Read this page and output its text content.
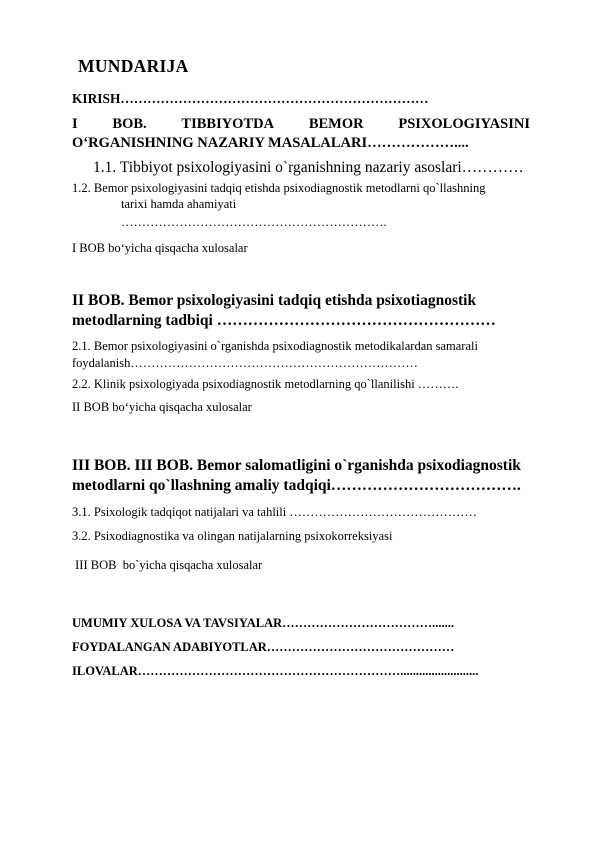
MUNDARIJA
KIRISH……………………………………………………………
I BOB. TIBBIYOTDA BEMOR PSIXOLOGIYASINI
O‘RGANISHNING NAZARIY MASALALARI………………....
1.1. Tibbiyot psixologiyasini o`rganishning nazariy asoslari…………
1.2. Bemor psixologiyasini tadqiq etishda psixodiagnostik metodlarni qo`llashning
tarixi hamda ahamiyati
……………………………………………………….
I BOB bo‘yicha qisqacha xulosalar
II BOB. Bemor psixologiyasini tadqiq etishda psixotiagnostik
metodlarning tadbiqi ………………………………………………
2.1. Bemor psixologiyasini o`rganishda psixodiagnostik metodikalardan samarali
foydalanish……………………………………………………………
2.2. Klinik psixologiyada psixodiagnostik metodlarning qo`llanilishi ……….
II BOB bo‘yicha qisqacha xulosalar
III BOB. III BOB. Bemor salomatligini o`rganishda psixodiagnostik
metodlarni qo`llashning amaliy tadqiqi……………………………….
3.1. Psixologik tadqiqot natijalari va tahlili ………………………………………
3.2. Psixodiagnostika va olingan natijalarning psixokorreksiyasi
III BOB  bo`yicha qisqacha xulosalar
UMUMIY XULOSA VA TAVSIYALAR……………………………….......
FOYDALANGAN ADABIYOTLAR………………………………………
ILOVALAR……………………………………………………….........................
